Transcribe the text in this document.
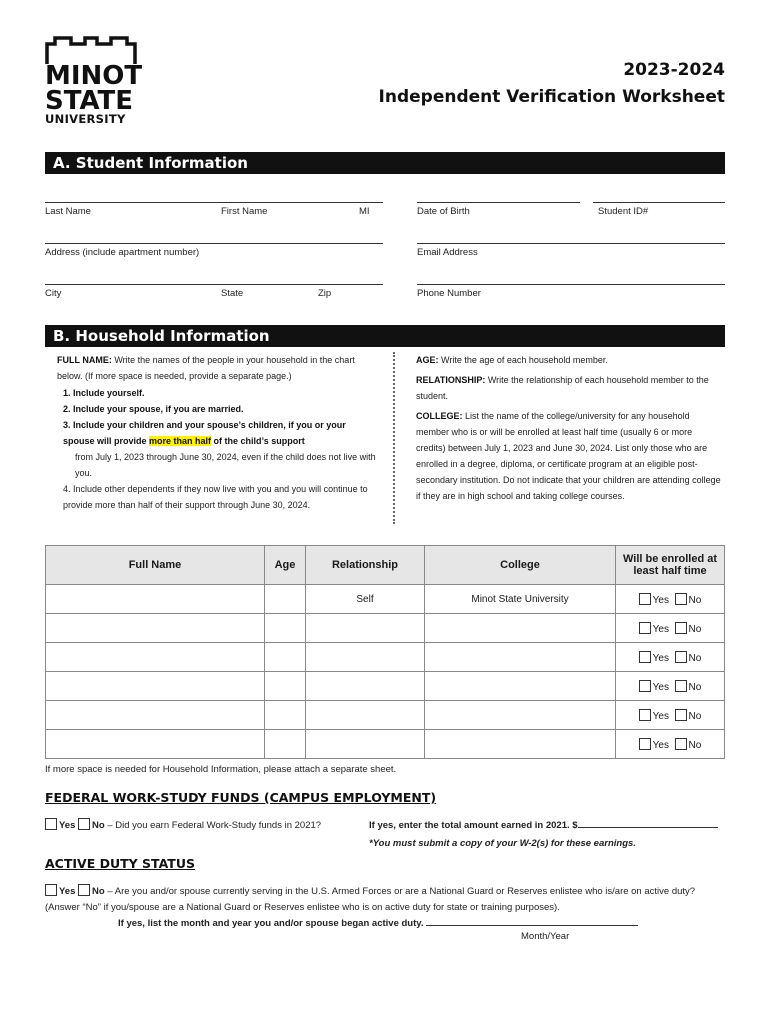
MINOT
STATE
UNIVERSITY
2023-2024
Independent Verification Worksheet
A. Student Information
Last Name	First Name	MI	Date of Birth	Student ID#
Address (include apartment number)	Email Address
City	State	Zip	Phone Number
B. Household Information
FULL NAME: Write the names of the people in your household in the chart below. (If more space is needed, provide a separate page.)
1. Include yourself.
2. Include your spouse, if you are married.
3. Include your children and your spouse’s children, if you or your spouse will provide more than half of the child’s support
from July 1, 2023 through June 30, 2024, even if the child does not live with you.
4. Include other dependents if they now live with you and you will continue to provide more than half of their support through June 30, 2024.
AGE: Write the age of each household member.
RELATIONSHIP: Write the relationship of each household member to the student.
COLLEGE: List the name of the college/university for any household member who is or will be enrolled at least half time (usually 6 or more credits) between July 1, 2023 and June 30, 2024. List only those who are enrolled in a degree, diploma, or certificate program at an eligible post-secondary institution. Do not indicate that your children are attending college if they are in high school and taking college courses.
Full Name	Age	Relationship	College	Will be enrolled at least half time
		Self	Minot State University	Yes No
				Yes No
				Yes No
				Yes No
				Yes No
				Yes No
If more space is needed for Household Information, please attach a separate sheet.
FEDERAL WORK-STUDY FUNDS (CAMPUS EMPLOYMENT)
Yes No – Did you earn Federal Work-Study funds in 2021?	If yes, enter the total amount earned in 2021. $
*You must submit a copy of your W-2(s) for these earnings.
ACTIVE DUTY STATUS
Yes No – Are you and/or spouse currently serving in the U.S. Armed Forces or are a National Guard or Reserves enlistee who is/are on active duty? (Answer “No” if you/spouse are a National Guard or Reserves enlistee who is on active duty for state or training purposes).
If yes, list the month and year you and/or spouse began active duty.
Month/Year
